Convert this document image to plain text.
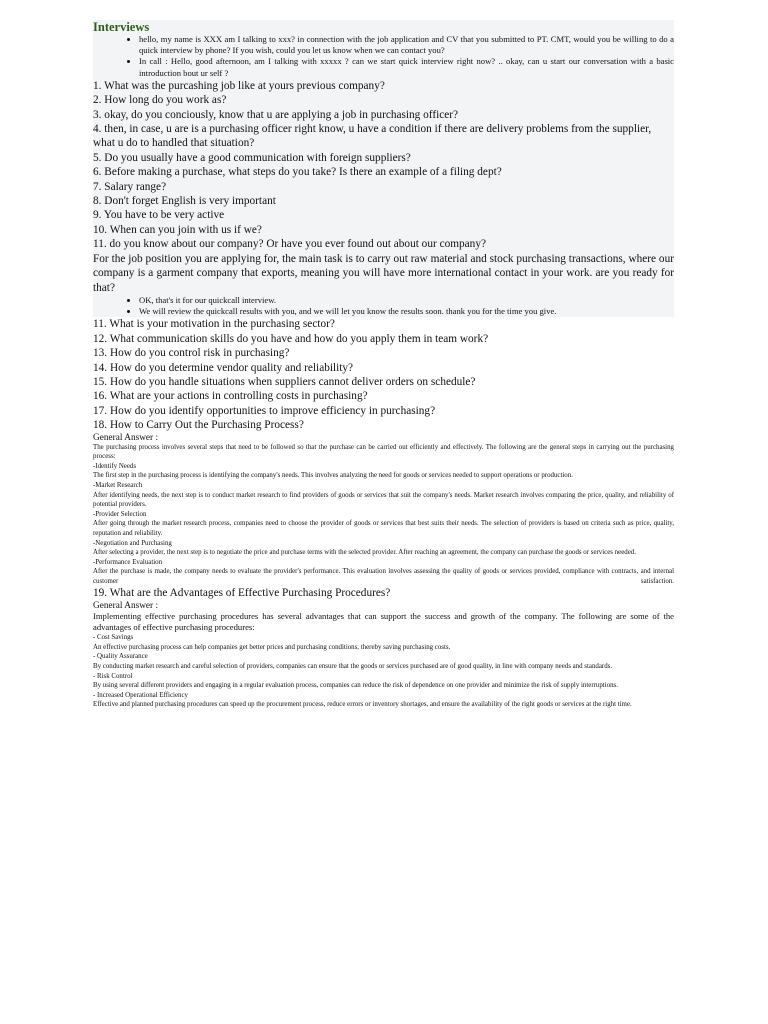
Interviews
• hello, my name is XXX am I talking to xxx? in connection with the job application and CV that you submitted to PT. CMT, would you be willing to do a quick interview by phone? If you wish, could you let us know when we can contact you?
• In call : Hello, good afternoon, am I talking with xxxxx ? can we start quick interview right now? .. okay, can u start our conversation with a basic introduction bout ur self ?

1. What was the purcashing job like at yours previous company?

2. How long do you work as?

3. okay, do you conciously, know that u are applying a job in purchasing officer?

4. then, in case, u are is a purchasing officer right know, u have a condition if there are delivery problems from the supplier, what u do to handled that situation?

5. Do you usually have a good communication with foreign suppliers?

6. Before making a purchase, what steps do you take? Is there an example of a filing dept?

7. Salary range?

8. Don't forget English is very important

9. You have to be very active

10. When can you join with us if we?

11. do you know about our company? Or have you ever found out about our company?

For the job position you are applying for, the main task is to carry out raw material and stock purchasing transactions, where our company is a garment company that exports, meaning you will have more international contact in your work. are you ready for that?

• OK, that's it for our quickcall interview.
• We will review the quickcall results with you, and we will let you know the results soon. thank you for the time you give.

11. What is your motivation in the purchasing sector?

12. What communication skills do you have and how do you apply them in team work?

13. How do you control risk in purchasing?

14. How do you determine vendor quality and reliability?

15. How do you handle situations when suppliers cannot deliver orders on schedule?

16. What are your actions in controlling costs in purchasing?

17. How do you identify opportunities to improve efficiency in purchasing?

18. How to Carry Out the Purchasing Process?

General Answer :

The purchasing process involves several steps that need to be followed so that the purchase can be carried out efficiently and effectively. The following are the general steps in carrying out the purchasing process:

-Identify Needs

The first step in the purchasing process is identifying the company's needs. This involves analyzing the need for goods or services needed to support operations or production.

-Market Research

After identifying needs, the next step is to conduct market research to find providers of goods or services that suit the company's needs. Market research involves comparing the price, quality, and reliability of potential providers.

-Provider Selection

After going through the market research process, companies need to choose the provider of goods or services that best suits their needs. The selection of providers is based on criteria such as price, quality, reputation and reliability.

-Negotiation and Purchasing

After selecting a provider, the next step is to negotiate the price and purchase terms with the selected provider. After reaching an agreement, the company can purchase the goods or services needed.

-Performance Evaluation

After the purchase is made, the company needs to evaluate the provider's performance. This evaluation involves assessing the quality of goods or services provided, compliance with contracts, and internal customer satisfaction.

19. What are the Advantages of Effective Purchasing Procedures?

General Answer :

Implementing effective purchasing procedures has several advantages that can support the success and growth of the company. The following are some of the advantages of effective purchasing procedures:

- Cost Savings

An effective purchasing process can help companies get better prices and purchasing conditions, thereby saving purchasing costs.

- Quality Assurance

By conducting market research and careful selection of providers, companies can ensure that the goods or services purchased are of good quality, in line with company needs and standards.

- Risk Control

By using several different providers and engaging in a regular evaluation process, companies can reduce the risk of dependence on one provider and minimize the risk of supply interruptions.

- Increased Operational Efficiency

Effective and planned purchasing procedures can speed up the procurement process, reduce errors or inventory shortages, and ensure the availability of the right goods or services at the right time.
